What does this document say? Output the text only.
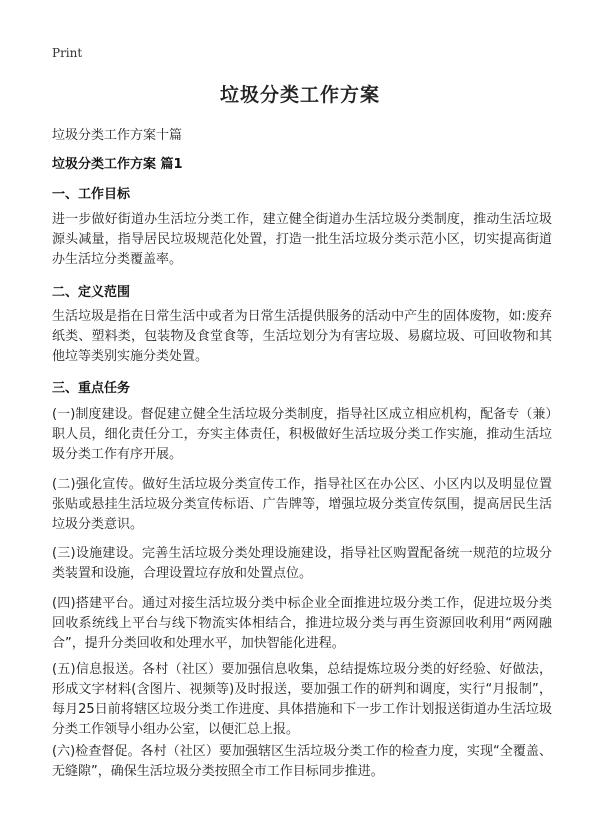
Print
垃圾分类工作方案
垃圾分类工作方案十篇
垃圾分类工作方案 篇1
一、工作目标
进一步做好街道办生活垃分类工作，建立健全街道办生活垃圾分类制度，推动生活垃圾源头减量，指导居民垃圾规范化处置，打造一批生活垃圾分类示范小区，切实提高街道办生活垃分类覆盖率。
二、定义范围
生活垃圾是指在日常生活中或者为日常生活提供服务的活动中产生的固体废物，如:废弃纸类、塑料类，包装物及食堂食等，生活垃划分为有害垃圾、易腐垃圾、可回收物和其他垃等类别实施分类处置。
三、重点任务
(一)制度建设。督促建立健全生活垃圾分类制度，指导社区成立相应机构，配备专（兼）职人员，细化责任分工，夯实主体责任，积极做好生活垃圾分类工作实施，推动生活垃圾分类工作有序开展。
(二)强化宣传。做好生活垃圾分类宣传工作，指导社区在办公区、小区内以及明显位置张贴或悬挂生活垃圾分类宣传标语、广告牌等，增强垃圾分类宣传氛围，提高居民生活垃圾分类意识。
(三)设施建设。完善生活垃圾分类处理设施建设，指导社区购置配备统一规范的垃圾分类装置和设施，合理设置垃存放和处置点位。
(四)搭建平台。通过对接生活垃圾分类中标企业全面推进垃圾分类工作，促进垃圾分类回收系统线上平台与线下物流实体相结合，推进垃圾分类与再生资源回收利用“两网融合”，提升分类回收和处理水平，加快智能化进程。
(五)信息报送。各村（社区）要加强信息收集，总结提炼垃圾分类的好经验、好做法，形成文字材料(含图片、视频等)及时报送，要加强工作的研判和调度，实行“月报制”，每月25日前将辖区垃圾分类工作进度、具体措施和下一步工作计划报送街道办生活垃圾分类工作领导小组办公室，以便汇总上报。
(六)检查督促。各村（社区）要加强辖区生活垃圾分类工作的检查力度，实现“全覆盖、无缝隙”，确保生活垃圾分类按照全市工作目标同步推进。
